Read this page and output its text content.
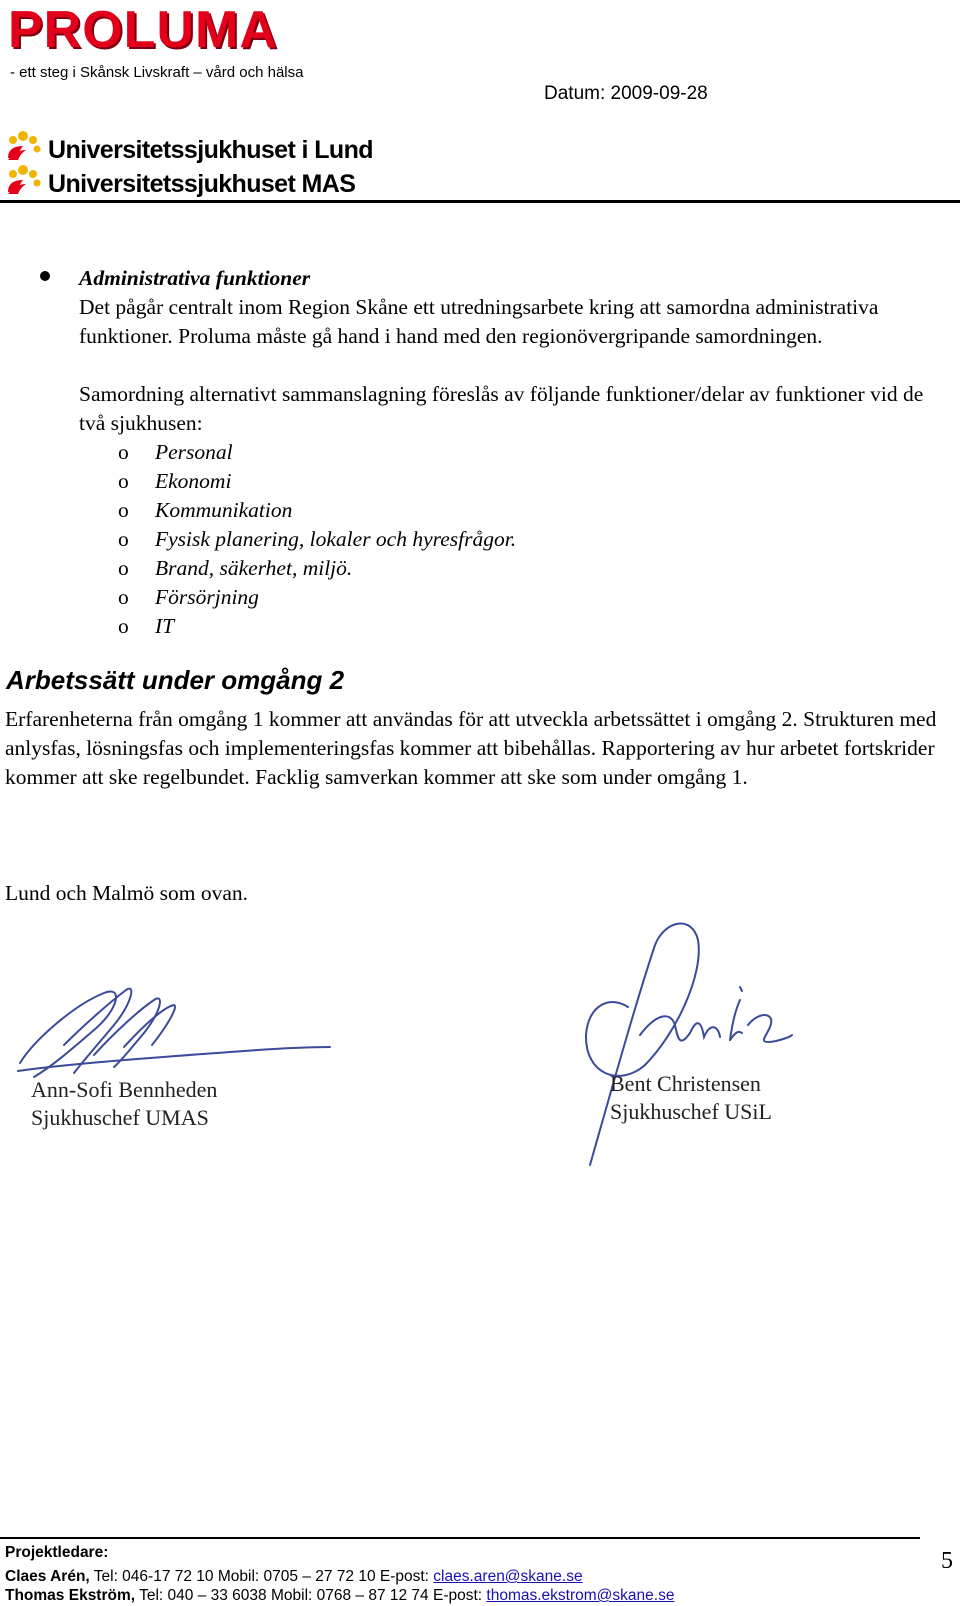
PROLUMA
- ett steg i Skånsk Livskraft – vård och hälsa
Datum: 2009-09-28
Universitetssjukhuset i Lund
Universitetssjukhuset MAS
Administrativa funktioner
Det pågår centralt inom Region Skåne ett utredningsarbete kring att samordna administrativa funktioner. Proluma måste gå hand i hand med den regionövergripande samordningen.
Samordning alternativt sammanslagning föreslås av följande funktioner/delar av funktioner vid de två sjukhusen:
o Personal
o Ekonomi
o Kommunikation
o Fysisk planering, lokaler och hyresfrågor.
o Brand, säkerhet, miljö.
o Försörjning
o IT
Arbetssätt under omgång 2
Erfarenheterna från omgång 1 kommer att användas för att utveckla arbetssättet i omgång 2. Strukturen med anlysfas, lösningsfas och implementeringsfas kommer att bibehållas. Rapportering av hur arbetet fortskrider kommer att ske regelbundet. Facklig samverkan kommer att ske som under omgång 1.
Lund och Malmö som ovan.
Ann-Sofi Bennheden
Sjukhuschef UMAS
Bent Christensen
Sjukhuschef USiL
Projektledare:
Claes Arén, Tel: 046-17 72 10 Mobil: 0705 – 27 72 10 E-post: claes.aren@skane.se
Thomas Ekström, Tel: 040 – 33 6038 Mobil: 0768 – 87 12 74 E-post: thomas.ekstrom@skane.se
5
